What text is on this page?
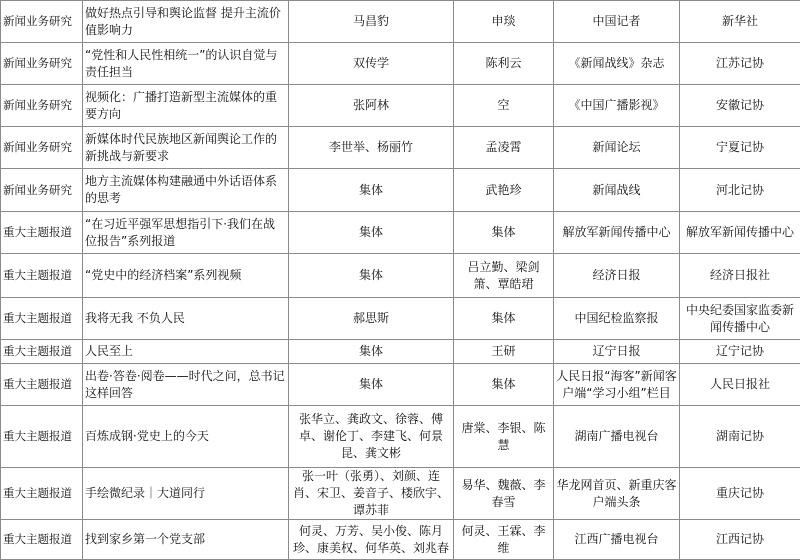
新闻业务研究	做好热点引导和舆论监督 提升主流价值影响力	马昌豹	申琰	中国记者	新华社
新闻业务研究	“党性和人民性相统一”的认识自觉与责任担当	双传学	陈利云	《新闻战线》杂志	江苏记协
新闻业务研究	视频化：广播打造新型主流媒体的重要方向	张阿林	空	《中国广播影视》	安徽记协
新闻业务研究	新媒体时代民族地区新闻舆论工作的新挑战与新要求	李世举、杨丽竹	孟凌霄	新闻论坛	宁夏记协
新闻业务研究	地方主流媒体构建融通中外话语体系的思考	集体	武艳珍	新闻战线	河北记协
重大主题报道	“在习近平强军思想指引下·我们在战位报告”系列报道	集体	集体	解放军新闻传播中心	解放军新闻传播中心
重大主题报道	“党史中的经济档案”系列视频	集体	吕立勤、梁剑箫、覃皓珺	经济日报	经济日报社
重大主题报道	我将无我 不负人民	郝思斯	集体	中国纪检监察报	中央纪委国家监委新闻传播中心
重大主题报道	人民至上	集体	王研	辽宁日报	辽宁记协
重大主题报道	出卷·答卷·阅卷——时代之问，总书记这样回答	集体	集体	人民日报“海客”新闻客户端“学习小组”栏目	人民日报社
重大主题报道	百炼成钢·党史上的今天	张华立、龚政文、徐蓉、傅卓、谢伦丁、李建飞、何景昆、龚文彬	唐棠、李银、陈慧	湖南广播电视台	湖南记协
重大主题报道	手绘微纪录｜大道同行	张一叶（张勇）、刘颜、连肖、宋卫、姜音子、楼欣宇、谭苏菲	易华、魏薇、李春雪	华龙网首页、新重庆客户端头条	重庆记协
重大主题报道	找到家乡第一个党支部	何灵、万芳、吴小俊、陈月珍、康美权、何华英、刘兆春	何灵、王霖、李维	江西广播电视台	江西记协
